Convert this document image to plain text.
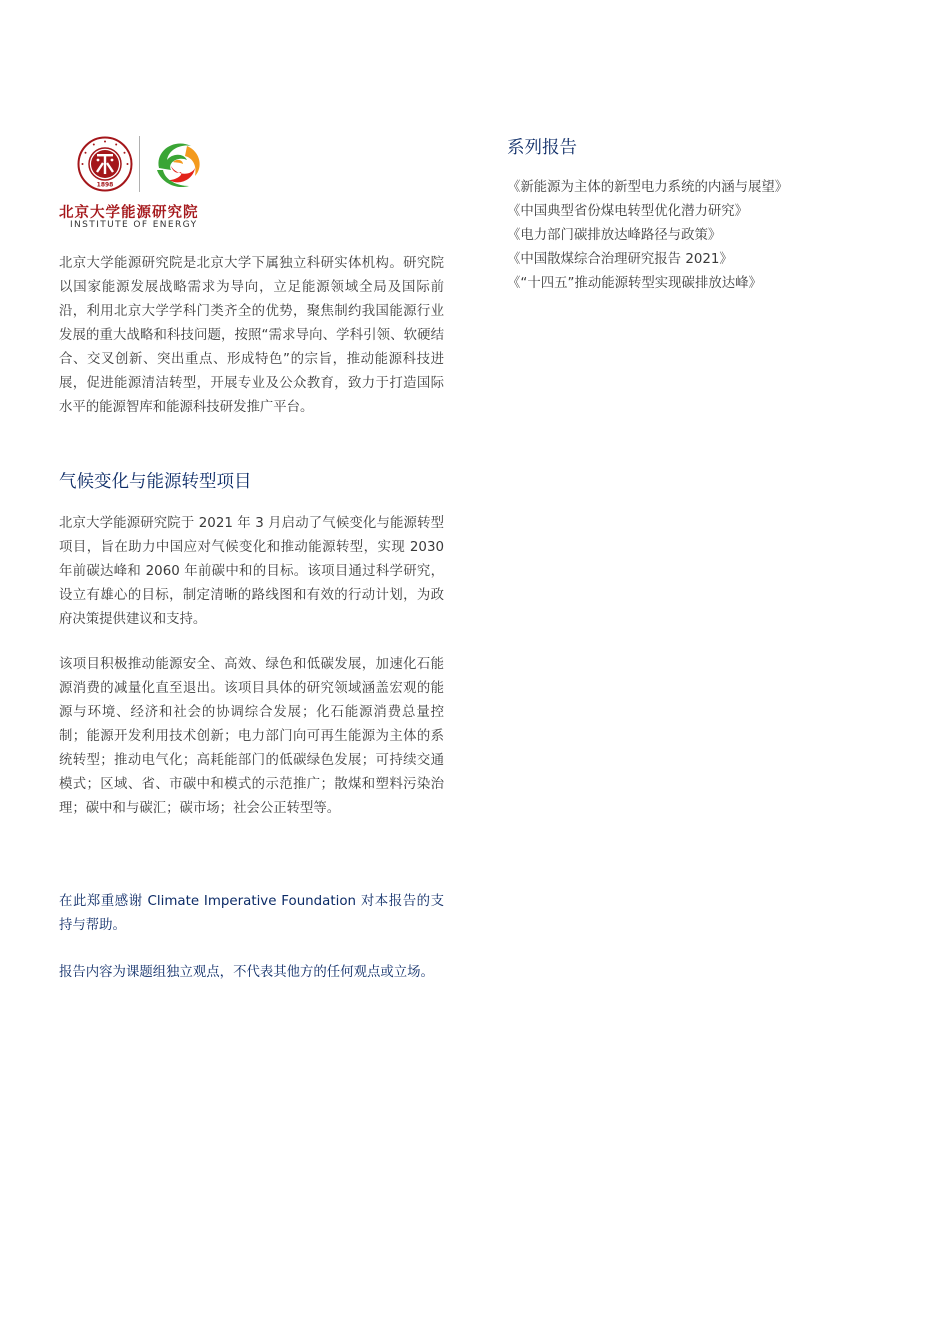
1898
北京大学能源研究院
INSTITUTE OF ENERGY

北京大学能源研究院是北京大学下属独立科研实体机构。研究院以国家能源发展战略需求为导向，立足能源领域全局及国际前沿，利用北京大学学科门类齐全的优势，聚焦制约我国能源行业发展的重大战略和科技问题，按照“需求导向、学科引领、软硬结合、交叉创新、突出重点、形成特色”的宗旨，推动能源科技进展，促进能源清洁转型，开展专业及公众教育，致力于打造国际水平的能源智库和能源科技研发推广平台。

气候变化与能源转型项目

北京大学能源研究院于 2021 年 3 月启动了气候变化与能源转型项目，旨在助力中国应对气候变化和推动能源转型，实现 2030 年前碳达峰和 2060 年前碳中和的目标。该项目通过科学研究，设立有雄心的目标，制定清晰的路线图和有效的行动计划，为政府决策提供建议和支持。

该项目积极推动能源安全、高效、绿色和低碳发展，加速化石能源消费的减量化直至退出。该项目具体的研究领域涵盖宏观的能源与环境、经济和社会的协调综合发展；化石能源消费总量控制；能源开发利用技术创新；电力部门向可再生能源为主体的系统转型；推动电气化；高耗能部门的低碳绿色发展；可持续交通模式；区域、省、市碳中和模式的示范推广；散煤和塑料污染治理；碳中和与碳汇；碳市场；社会公正转型等。

在此郑重感谢 Climate Imperative Foundation 对本报告的支持与帮助。

报告内容为课题组独立观点，不代表其他方的任何观点或立场。

系列报告
《新能源为主体的新型电力系统的内涵与展望》
《中国典型省份煤电转型优化潜力研究》
《电力部门碳排放达峰路径与政策》
《中国散煤综合治理研究报告 2021》
《“十四五”推动能源转型实现碳排放达峰》
